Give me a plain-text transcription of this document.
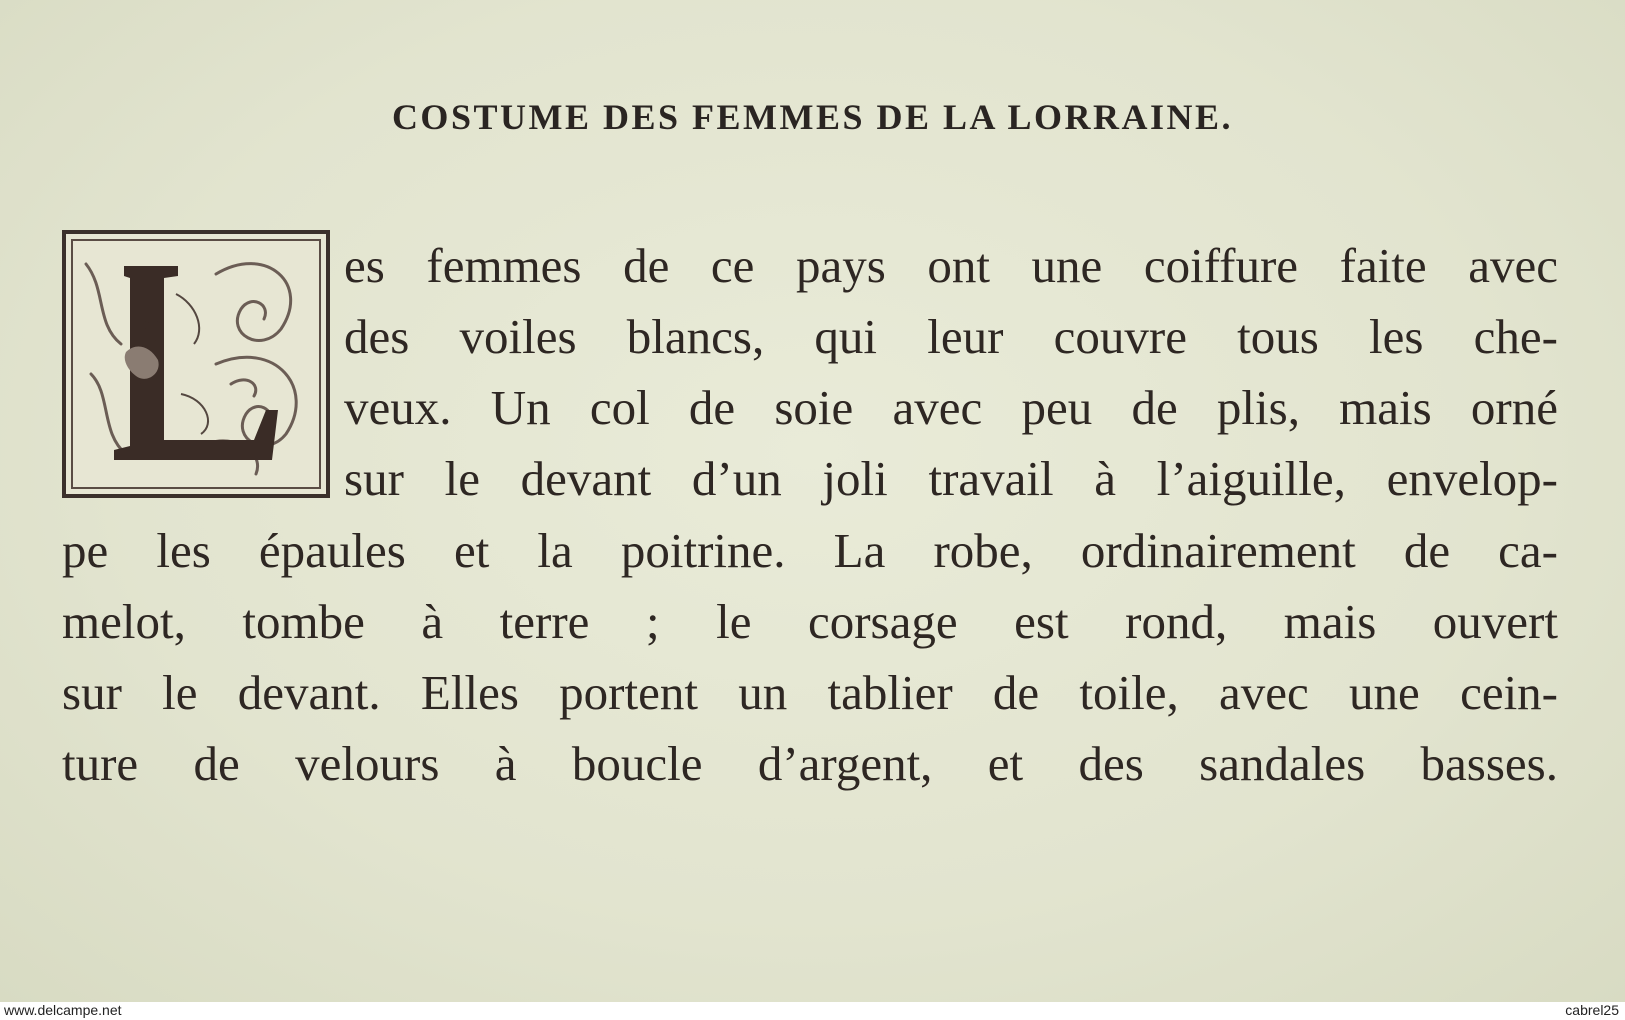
COSTUME DES FEMMES DE LA LORRAINE.
es femmes de ce pays ont une coiffure faite avec
des voiles blancs, qui leur couvre tous les che-
veux. Un col de soie avec peu de plis, mais orné
sur le devant d’un joli travail à l’aiguille, envelop-
pe les épaules et la poitrine. La robe, ordinairement de ca-
melot, tombe à terre ; le corsage est rond, mais ouvert
sur le devant. Elles portent un tablier de toile, avec une cein-
ture de velours à boucle d’argent, et des sandales basses.
www.delcampe.net	cabrel25
